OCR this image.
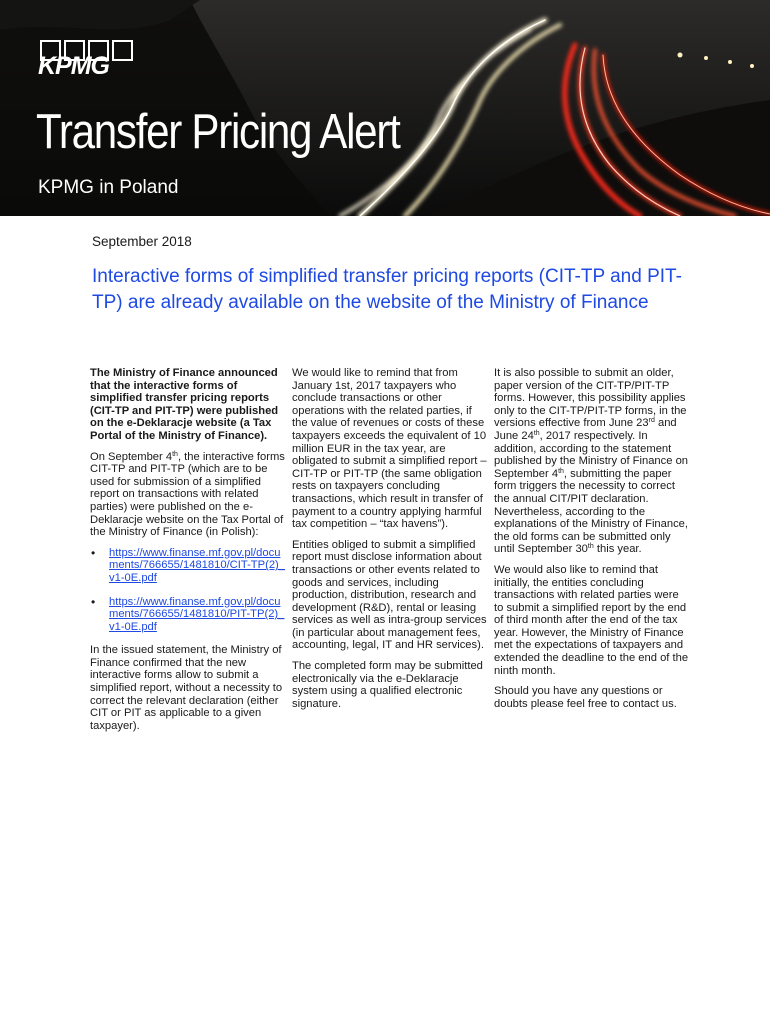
KPMG
Transfer Pricing Alert
KPMG in Poland
September 2018
Interactive forms of simplified transfer pricing reports (CIT-TP and PIT-TP) are already available on the website of the Ministry of Finance

The Ministry of Finance announced that the interactive forms of simplified transfer pricing reports (CIT-TP and PIT-TP) were published on the e-Deklaracje website (a Tax Portal of the Ministry of Finance).

On September 4th, the interactive forms CIT-TP and PIT-TP (which are to be used for submission of a simplified report on transactions with related parties) were published on the e-Deklaracje website on the Tax Portal of the Ministry of Finance (in Polish):

• https://www.finanse.mf.gov.pl/documents/766655/1481810/CIT-TP(2)_v1-0E.pdf
• https://www.finanse.mf.gov.pl/documents/766655/1481810/PIT-TP(2)_v1-0E.pdf

In the issued statement, the Ministry of Finance confirmed that the new interactive forms allow to submit a simplified report, without a necessity to correct the relevant declaration (either CIT or PIT as applicable to a given taxpayer).

We would like to remind that from January 1st, 2017 taxpayers who conclude transactions or other operations with the related parties, if the value of revenues or costs of these taxpayers exceeds the equivalent of 10 million EUR in the tax year, are obligated to submit a simplified report – CIT-TP or PIT-TP (the same obligation rests on taxpayers concluding transactions, which result in transfer of payment to a country applying harmful tax competition – “tax havens”).

Entities obliged to submit a simplified report must disclose information about transactions or other events related to goods and services, including production, distribution, research and development (R&D), rental or leasing services as well as intra-group services (in particular about management fees, accounting, legal, IT and HR services).

The completed form may be submitted electronically via the e-Deklaracje system using a qualified electronic signature.

It is also possible to submit an older, paper version of the CIT-TP/PIT-TP forms. However, this possibility applies only to the CIT-TP/PIT-TP forms, in the versions effective from June 23rd and June 24th, 2017 respectively. In addition, according to the statement published by the Ministry of Finance on September 4th, submitting the paper form triggers the necessity to correct the annual CIT/PIT declaration. Nevertheless, according to the explanations of the Ministry of Finance, the old forms can be submitted only until September 30th this year.

We would also like to remind that initially, the entities concluding transactions with related parties were to submit a simplified report by the end of third month after the end of the tax year. However, the Ministry of Finance met the expectations of taxpayers and extended the deadline to the end of the ninth month.

Should you have any questions or doubts please feel free to contact us.
